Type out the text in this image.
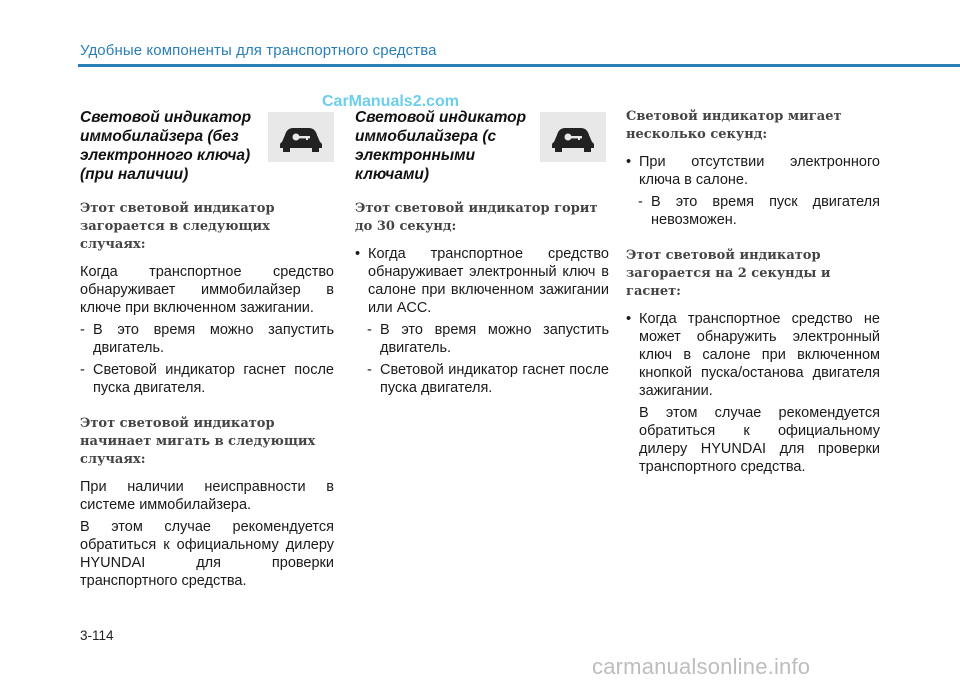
Удобные компоненты для транспортного средства
CarManuals2.com
Световой индикатор иммобилайзера (без электронного ключа) (при наличии)

Этот световой индикатор загорается в следующих случаях:

Когда транспортное средство обнаруживает иммобилайзер в ключе при включенном зажигании.

- В это время можно запустить двигатель.
- Световой индикатор гаснет после пуска двигателя.

Этот световой индикатор начинает мигать в следующих случаях:

При наличии неисправности в системе иммобилайзера.

В этом случае рекомендуется обратиться к официальному дилеру HYUNDAI для проверки транспортного средства.

Световой индикатор иммобилайзера (с электронными ключами)

Этот световой индикатор горит до 30 секунд:

• Когда транспортное средство обнаруживает электронный ключ в салоне при включенном зажигании или ACC.
- В это время можно запустить двигатель.
- Световой индикатор гаснет после пуска двигателя.

Световой индикатор мигает несколько секунд:

• При отсутствии электронного ключа в салоне.
- В это время пуск двигателя невозможен.

Этот световой индикатор загорается на 2 секунды и гаснет:

• Когда транспортное средство не может обнаружить электронный ключ в салоне при включенном кнопкой пуска/останова двигателя зажигании.

В этом случае рекомендуется обратиться к официальному дилеру HYUNDAI для проверки транспортного средства.

3-114
carmanualsonline.info
